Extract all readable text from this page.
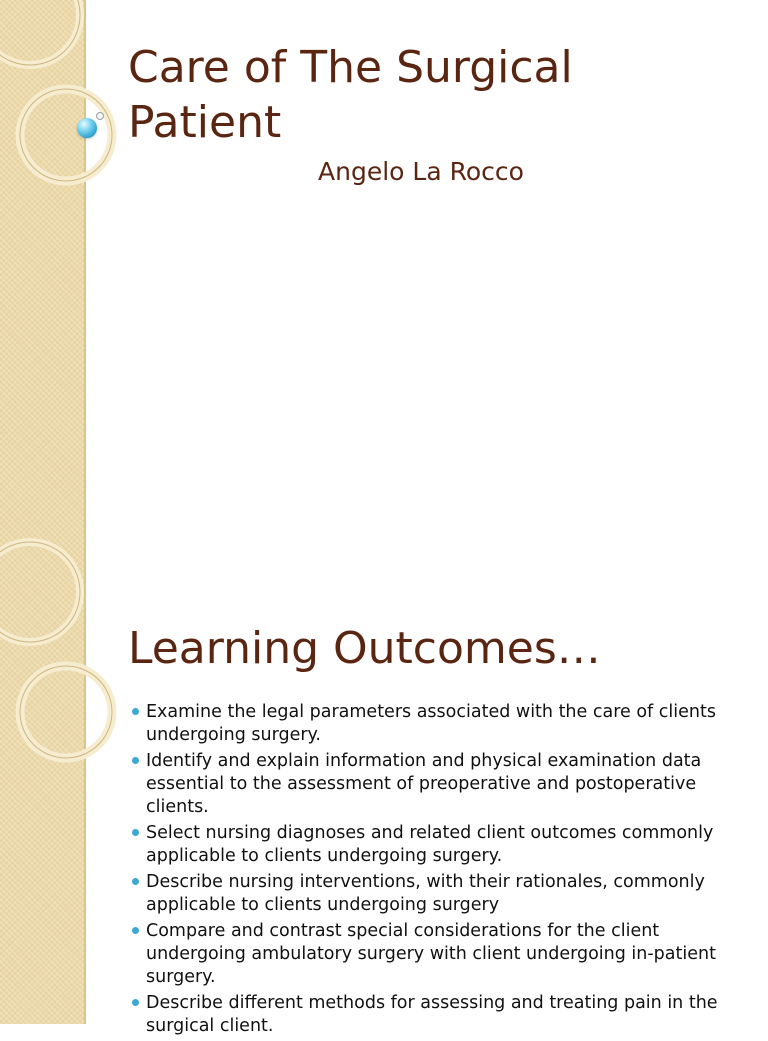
Care of The Surgical Patient
Angelo La Rocco
Learning Outcomes…
Examine the legal parameters associated with the care of clients undergoing surgery.
Identify and explain information and physical examination data essential to the assessment of preoperative and postoperative clients.
Select nursing diagnoses and related client outcomes commonly applicable to clients undergoing surgery.
Describe nursing interventions, with their rationales, commonly applicable to clients undergoing surgery
Compare and contrast special considerations for the client undergoing ambulatory surgery with client undergoing in-patient surgery.
Describe different methods for assessing and treating pain in the surgical client.
